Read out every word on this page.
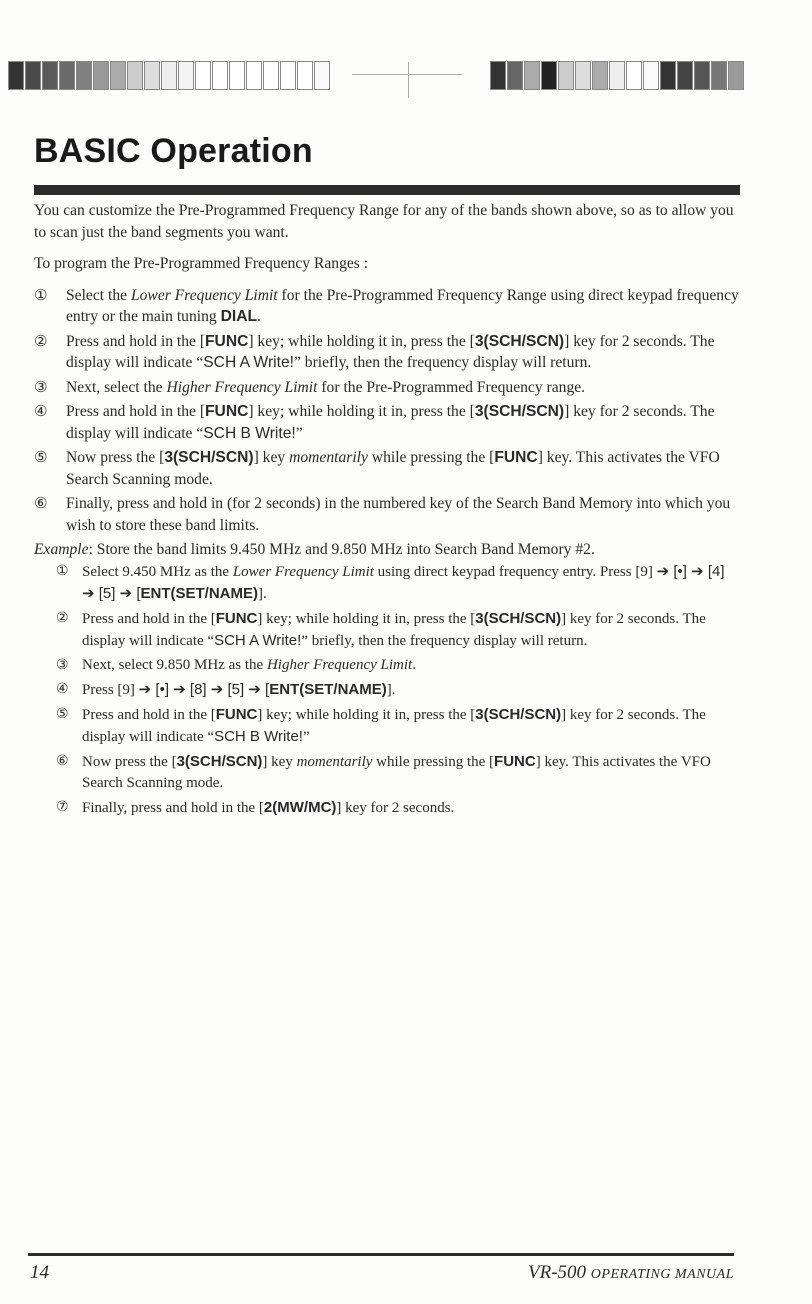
BASIC Operation

You can customize the Pre-Programmed Frequency Range for any of the bands shown above, so as to allow you to scan just the band segments you want.

To program the Pre-Programmed Frequency Ranges :

①	Select the Lower Frequency Limit for the Pre-Programmed Frequency Range using direct keypad frequency entry or the main tuning DIAL.
②	Press and hold in the [FUNC] key; while holding it in, press the [3(SCH/SCN)] key for 2 seconds. The display will indicate “SCH A Write!” briefly, then the frequency display will return.
③	Next, select the Higher Frequency Limit for the Pre-Programmed Frequency range.
④	Press and hold in the [FUNC] key; while holding it in, press the [3(SCH/SCN)] key for 2 seconds. The display will indicate “SCH B Write!”
⑤	Now press the [3(SCH/SCN)] key momentarily while pressing the [FUNC] key. This activates the VFO Search Scanning mode.
⑥	Finally, press and hold in (for 2 seconds) in the numbered key of the Search Band Memory into which you wish to store these band limits.

Example: Store the band limits 9.450 MHz and 9.850 MHz into Search Band Memory #2.

① Select 9.450 MHz as the Lower Frequency Limit using direct keypad frequency entry. Press [9] ➔ [•] ➔ [4] ➔ [5] ➔ [ENT(SET/NAME)].
② Press and hold in the [FUNC] key; while holding it in, press the [3(SCH/SCN)] key for 2 seconds. The display will indicate “SCH A Write!” briefly, then the frequency display will return.
③ Next, select 9.850 MHz as the Higher Frequency Limit.
④ Press [9] ➔ [•] ➔ [8] ➔ [5] ➔ [ENT(SET/NAME)].
⑤ Press and hold in the [FUNC] key; while holding it in, press the [3(SCH/SCN)] key for 2 seconds. The display will indicate “SCH B Write!”
⑥ Now press the [3(SCH/SCN)] key momentarily while pressing the [FUNC] key. This activates the VFO Search Scanning mode.
⑦ Finally, press and hold in the [2(MW/MC)] key for 2 seconds.
14	VR-500 OPERATING MANUAL
